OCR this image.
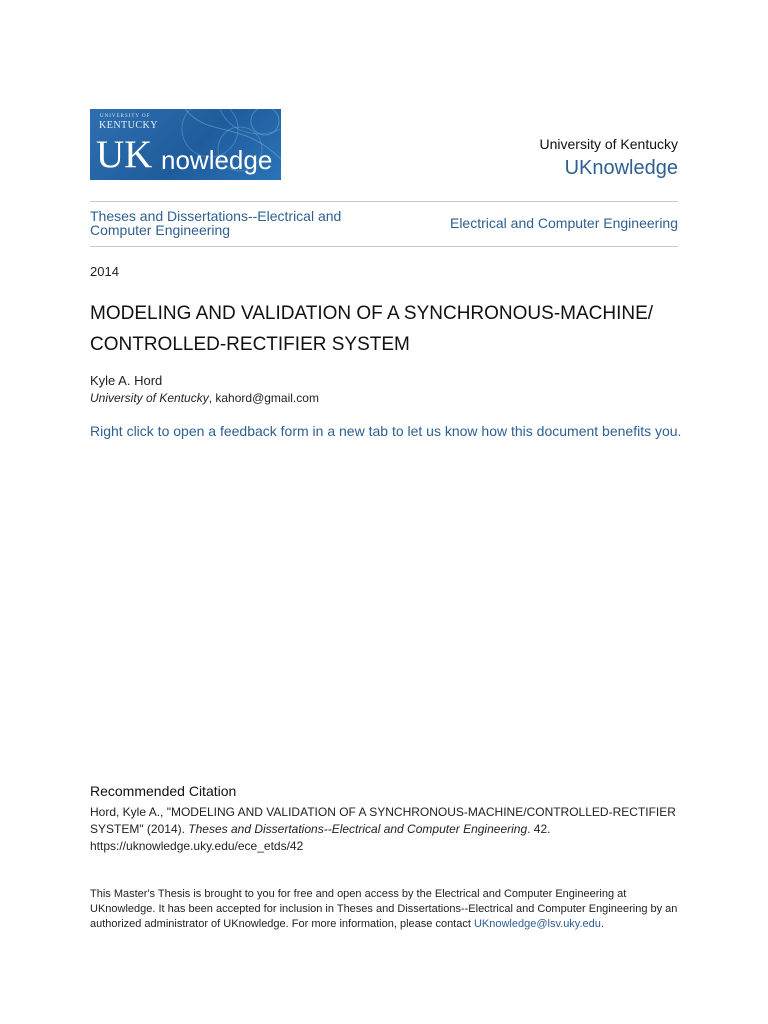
UNIVERSITY OF
KENTUCKY
UK nowledge
University of Kentucky
UKnowledge
Theses and Dissertations--Electrical and Computer Engineering	Electrical and Computer Engineering
2014
MODELING AND VALIDATION OF A SYNCHRONOUS-MACHINE/ CONTROLLED-RECTIFIER SYSTEM
Kyle A. Hord
University of Kentucky, kahord@gmail.com
Right click to open a feedback form in a new tab to let us know how this document benefits you.
Recommended Citation
Hord, Kyle A., "MODELING AND VALIDATION OF A SYNCHRONOUS-MACHINE/CONTROLLED-RECTIFIER SYSTEM" (2014). Theses and Dissertations--Electrical and Computer Engineering. 42.
https://uknowledge.uky.edu/ece_etds/42
This Master's Thesis is brought to you for free and open access by the Electrical and Computer Engineering at UKnowledge. It has been accepted for inclusion in Theses and Dissertations--Electrical and Computer Engineering by an authorized administrator of UKnowledge. For more information, please contact UKnowledge@lsv.uky.edu.
